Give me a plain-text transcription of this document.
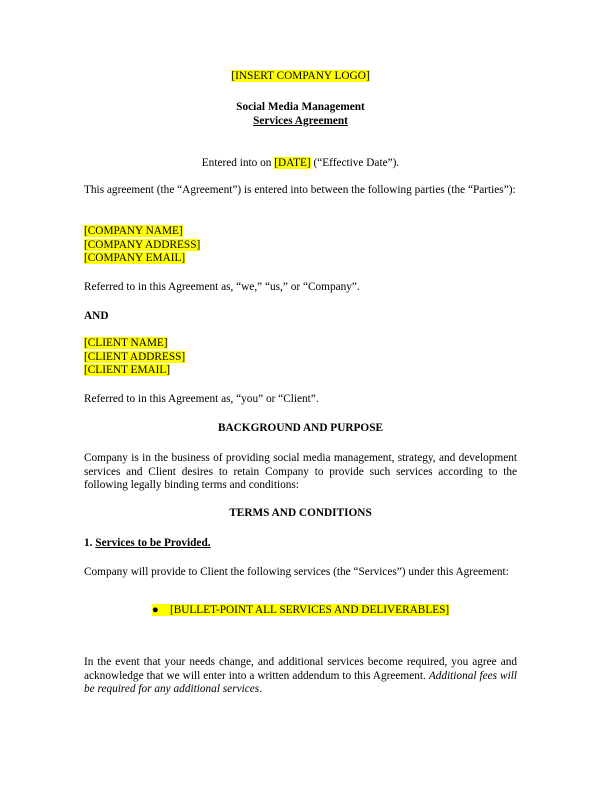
[INSERT COMPANY LOGO]

Social Media Management

Services Agreement

Entered into on [DATE] (“Effective Date”).

This agreement (the “Agreement”) is entered into between the following parties (the “Parties”):

[COMPANY NAME]

[COMPANY ADDRESS]

[COMPANY EMAIL]

Referred to in this Agreement as, “we,” “us,” or “Company”.

AND

[CLIENT NAME]

[CLIENT ADDRESS]

[CLIENT EMAIL]

Referred to in this Agreement as, “you” or “Client”.

BACKGROUND AND PURPOSE

Company is in the business of providing social media management, strategy, and development services and Client desires to retain Company to provide such services according to the following legally binding terms and conditions:

TERMS AND CONDITIONS

1. Services to be Provided.

Company will provide to Client the following services (the “Services”) under this Agreement:

● [BULLET-POINT ALL SERVICES AND DELIVERABLES]

In the event that your needs change, and additional services become required, you agree and acknowledge that we will enter into a written addendum to this Agreement. Additional fees will be required for any additional services.
